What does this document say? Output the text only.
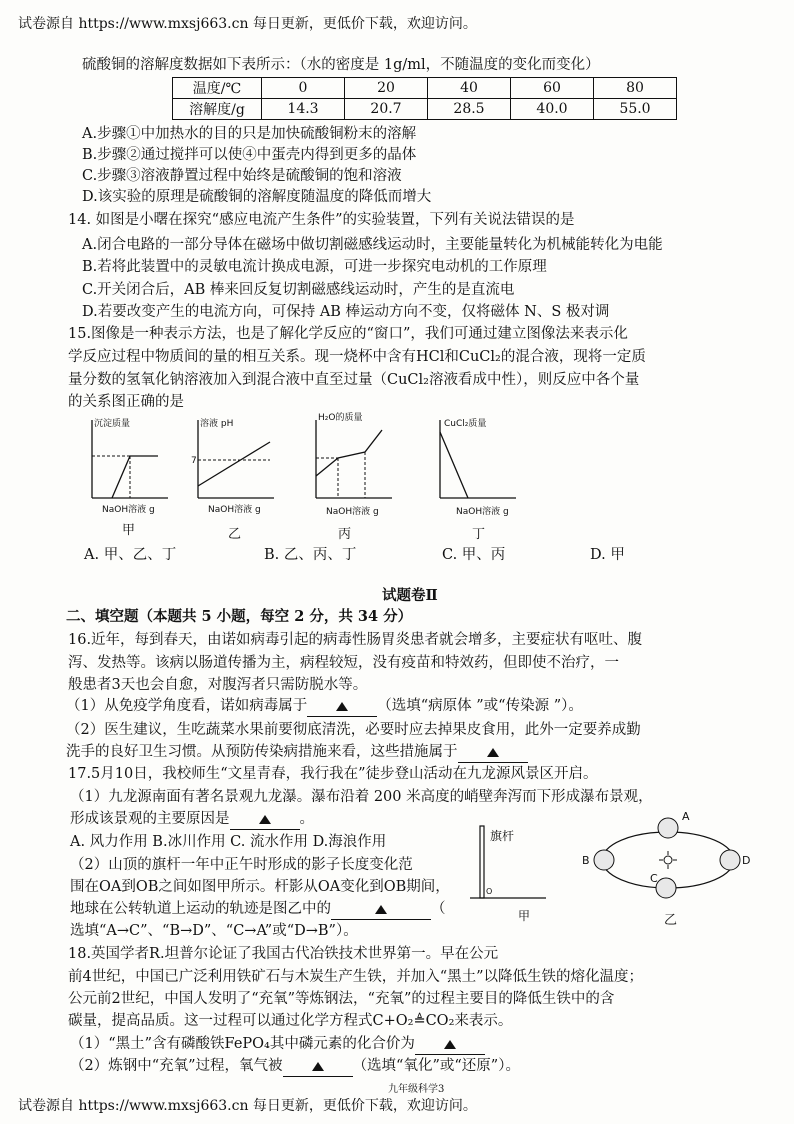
试卷源自 https://www.mxsj663.cn 每日更新，更低价下载，欢迎访问。
硫酸铜的溶解度数据如下表所示：（水的密度是 1g/ml，不随温度的变化而变化）
温度/℃	0	20	40	60	80
溶解度/g	14.3	20.7	28.5	40.0	55.0
A.步骤①中加热水的目的只是加快硫酸铜粉末的溶解
B.步骤②通过搅拌可以使④中蛋壳内得到更多的晶体
C.步骤③溶液静置过程中始终是硫酸铜的饱和溶液
D.该实验的原理是硫酸铜的溶解度随温度的降低而增大
14. 如图是小曙在探究“感应电流产生条件”的实验装置，下列有关说法错误的是
A.闭合电路的一部分导体在磁场中做切割磁感线运动时，主要能量转化为机械能转化为电能
B.若将此装置中的灵敏电流计换成电源，可进一步探究电动机的工作原理
C.开关闭合后，AB 棒来回反复切割磁感线运动时，产生的是直流电
D.若要改变产生的电流方向，可保持 AB 棒运动方向不变，仅将磁体 N、S 极对调
15.图像是一种表示方法，也是了解化学反应的“窗口”，我们可通过建立图像法来表示化
学反应过程中物质间的量的相互关系。现一烧杯中含有HCl和CuCl₂的混合液，现将一定质
量分数的氢氧化钠溶液加入到混合液中直至过量（CuCl₂溶液看成中性），则反应中各个量
的关系图正确的是
沉淀质量
NaOH溶液 g
甲
7
溶液 pH
NaOH溶液 g
乙
H₂O的质量
NaOH溶液 g
丙
CuCl₂质量
NaOH溶液 g
丁
A. 甲、乙、丁	B. 乙、丙、丁	C. 甲、丙	D. 甲
试题卷Ⅱ
二、填空题（本题共 5 小题，每空 2 分，共 34 分）
16.近年，每到春天，由诺如病毒引起的病毒性肠胃炎患者就会增多，主要症状有呕吐、腹
泻、发热等。该病以肠道传播为主，病程较短，没有疫苗和特效药，但即使不治疗，一
般患者3天也会自愈，对腹泻者只需防脱水等。
（1）从免疫学角度看，诺如病毒属于	（选填“病原体 ”或“传染源 ”）。
（2）医生建议，生吃蔬菜水果前要彻底清洗，必要时应去掉果皮食用，此外一定要养成勤
洗手的良好卫生习惯。从预防传染病措施来看，这些措施属于
17.5月10日，我校师生“文星青春，我行我在”徒步登山活动在九龙源风景区开启。
（1）九龙源南面有著名景观九龙瀑。瀑布沿着 200 米高度的峭壁奔泻而下形成瀑布景观，
形成该景观的主要原因是	。
A. 风力作用 B.冰川作用 C. 流水作用 D.海浪作用
（2）山顶的旗杆一年中正午时形成的影子长度变化范
围在OA到OB之间如图甲所示。杆影从OA变化到OB期间，
地球在公转轨道上运动的轨迹是图乙中的	（
选填“A→C”、“B→D”、“C→A”或“D→B”）。
旗杆
O
甲
A
B
C
D
乙
18.英国学者R.坦普尔论证了我国古代冶铁技术世界第一。早在公元
前4世纪，中国已广泛利用铁矿石与木炭生产生铁，并加入“黑土”以降低生铁的熔化温度；
公元前2世纪，中国人发明了“充氧”等炼钢法，“充氧”的过程主要目的降低生铁中的含
碳量，提高品质。这一过程可以通过化学方程式C+O₂≜CO₂来表示。
（1）“黑土”含有磷酸铁FePO₄其中磷元素的化合价为
（2）炼钢中“充氧”过程，氧气被	（选填“氧化”或“还原”）。
九年级科学3
试卷源自 https://www.mxsj663.cn 每日更新，更低价下载，欢迎访问。
